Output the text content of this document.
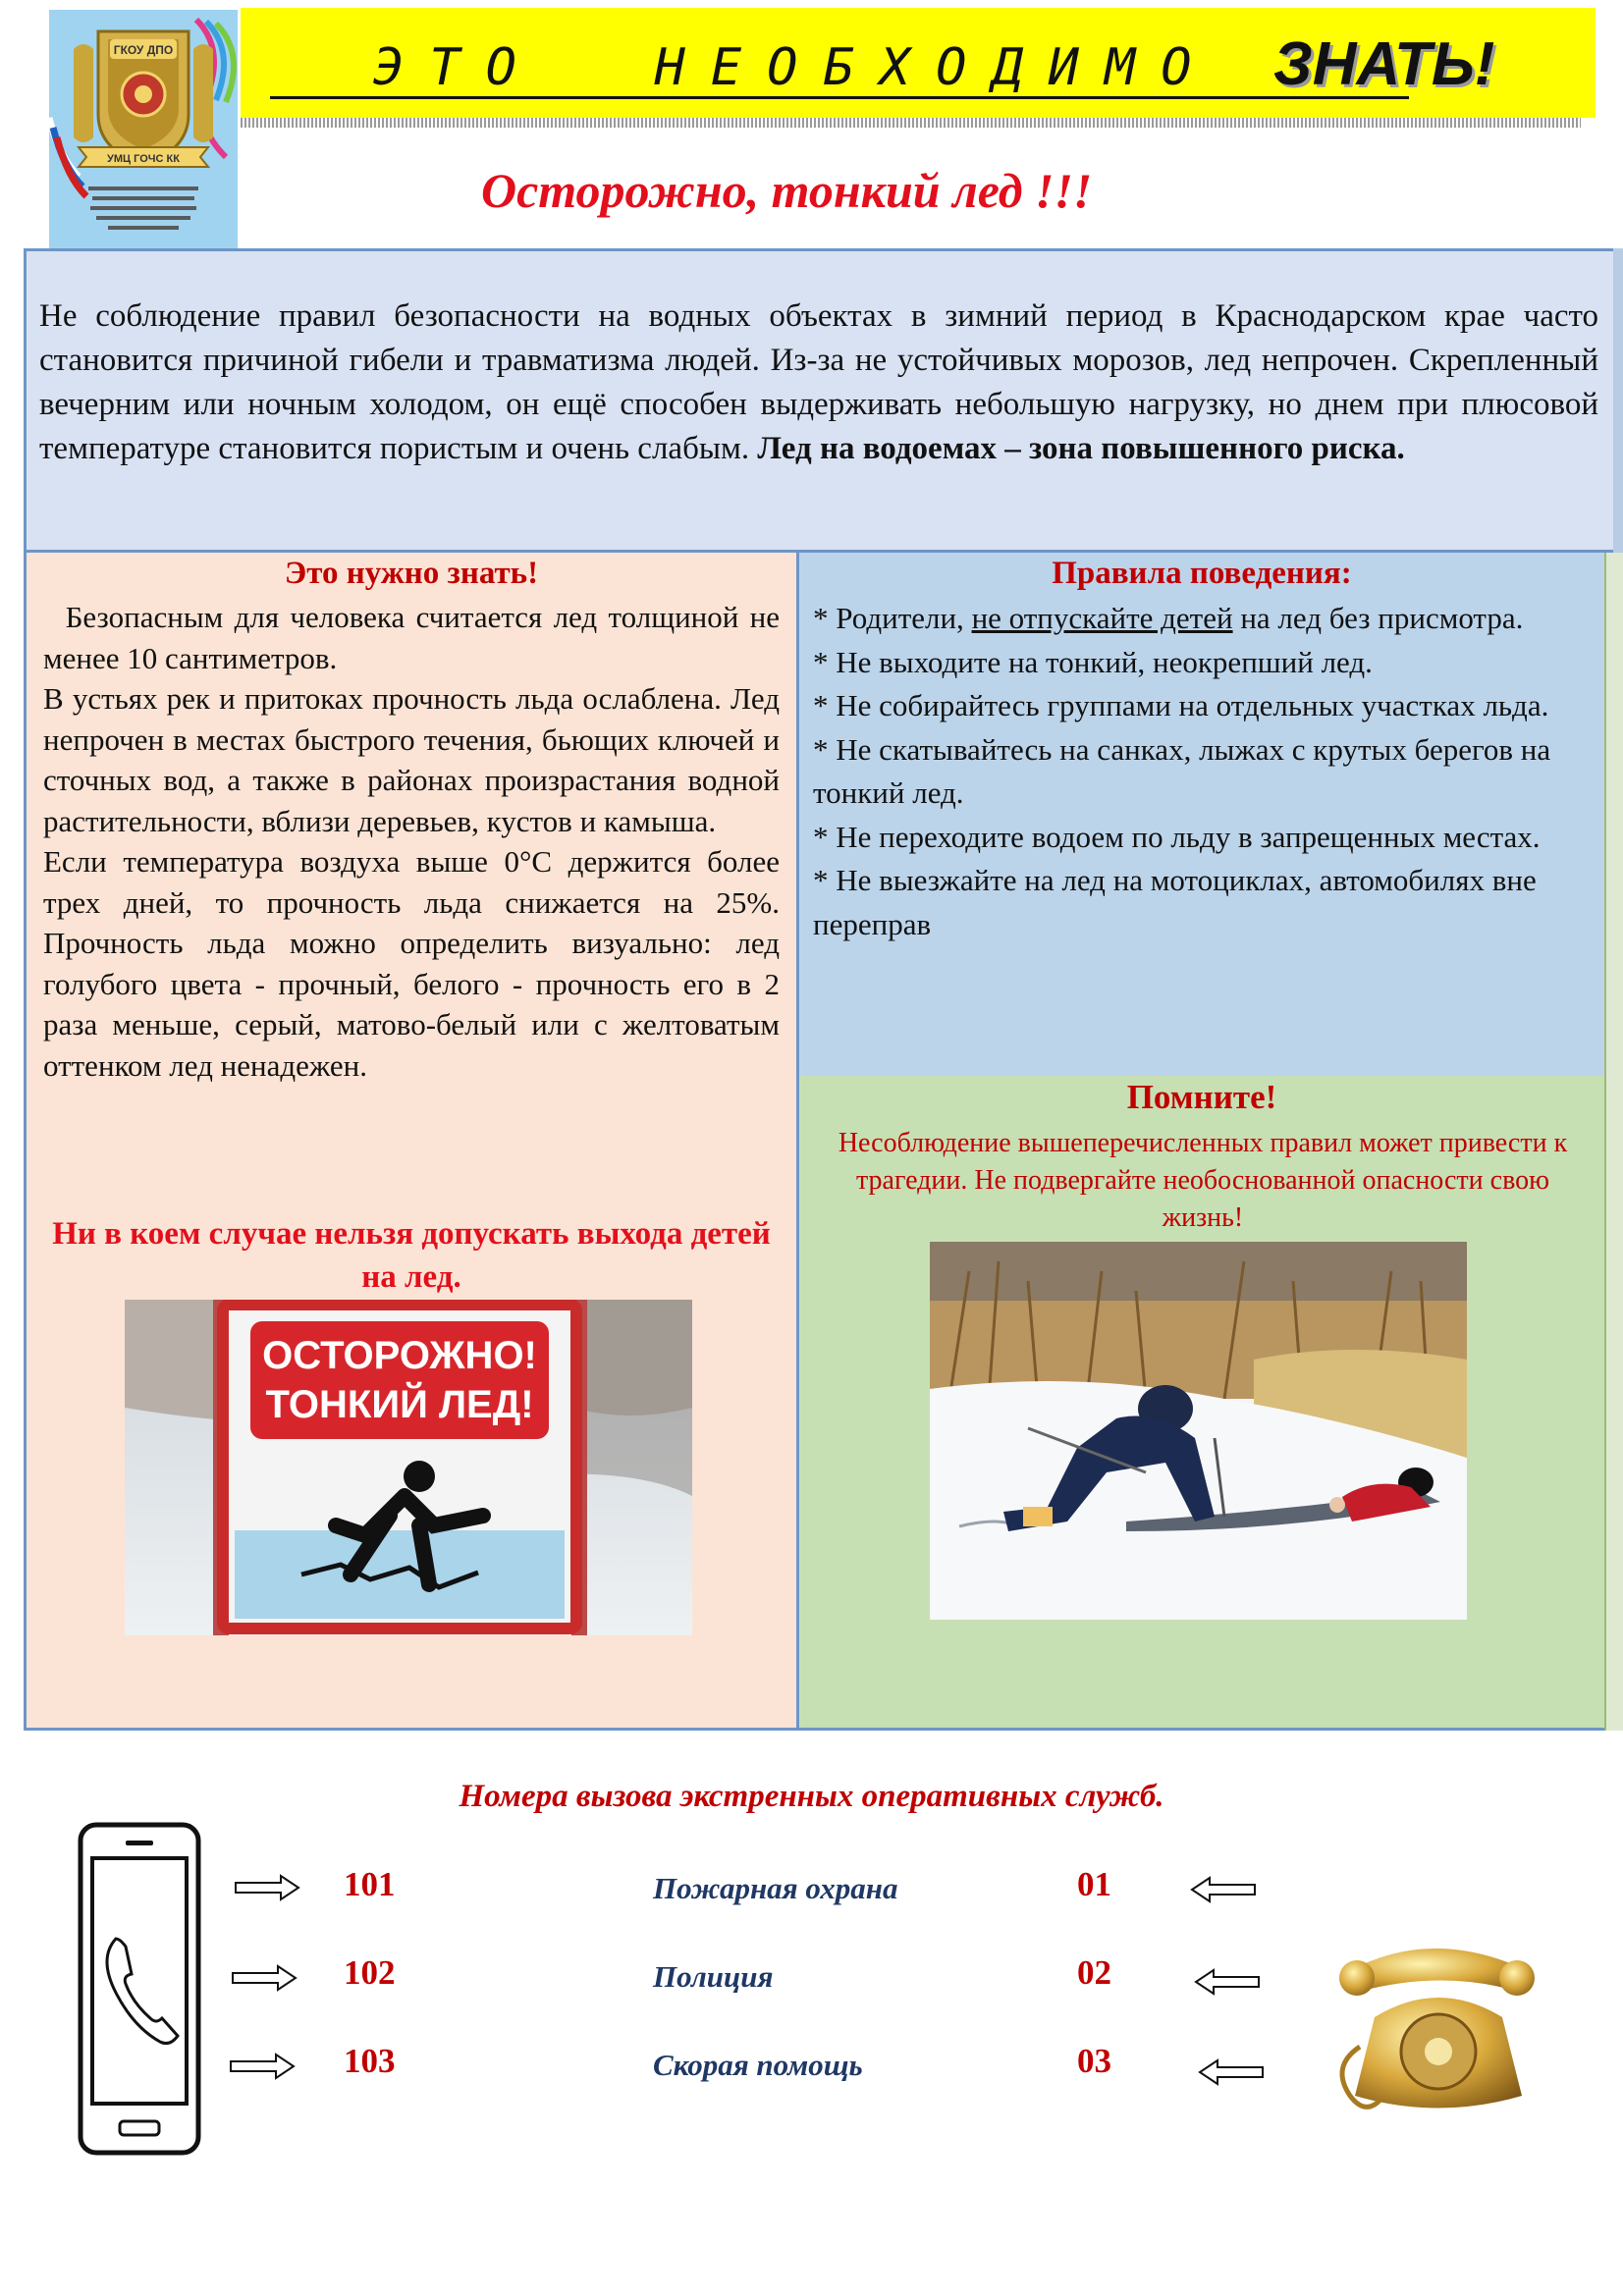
ЭТО  НЕОБХОДИМО ЗНАТЬ!
ГКОУ ДПО
УМЦ ГОЧС КК
Осторожно, тонкий лед !!!
Не соблюдение правил безопасности на водных объектах в зимний период в Краснодарском крае часто становится причиной гибели и травматизма людей. Из-за не устойчивых морозов, лед непрочен. Скрепленный вечерним или ночным холодом, он ещё способен выдерживать небольшую нагрузку, но днем при плюсовой температуре становится пористым и очень слабым. Лед на водоемах – зона повышенного риска.
Это нужно знать!

Безопасным для человека считается лед толщиной не менее 10 сантиметров.

В устьях рек и притоках прочность льда ослаблена. Лед непрочен в местах быстрого течения, бьющих ключей и сточных вод, а также в районах произрастания водной растительности, вблизи деревьев, кустов и камыша.

Если температура воздуха выше 0°С держится более трех дней, то прочность льда снижается на 25%. Прочность льда можно определить визуально: лед голубого цвета - прочный, белого - прочность его в 2 раза меньше, серый, матово-белый или с желтоватым оттенком лед ненадежен.

Ни в коем случае нельзя допускать выхода детей на лед.
ОСТОРОЖНО!
ТОНКИЙ ЛЕД!
Правила поведения:
* Родители, не отпускайте детей на лед без присмотра.
* Не выходите на тонкий, неокрепший лед.
* Не собирайтесь группами на отдельных участках льда.
* Не скатывайтесь на санках, лыжах с крутых берегов на тонкий лед.
* Не переходите водоем по льду в запрещенных местах.
* Не выезжайте на лед на мотоциклах, автомобилях вне переправ
Помните!
Несоблюдение вышеперечисленных правил может привести к трагедии. Не подвергайте необоснованной опасности свою жизнь!
Номера вызова экстренных оперативных служб.
101
102
103
Пожарная охрана
Полиция
Скорая помощь
01
02
03
